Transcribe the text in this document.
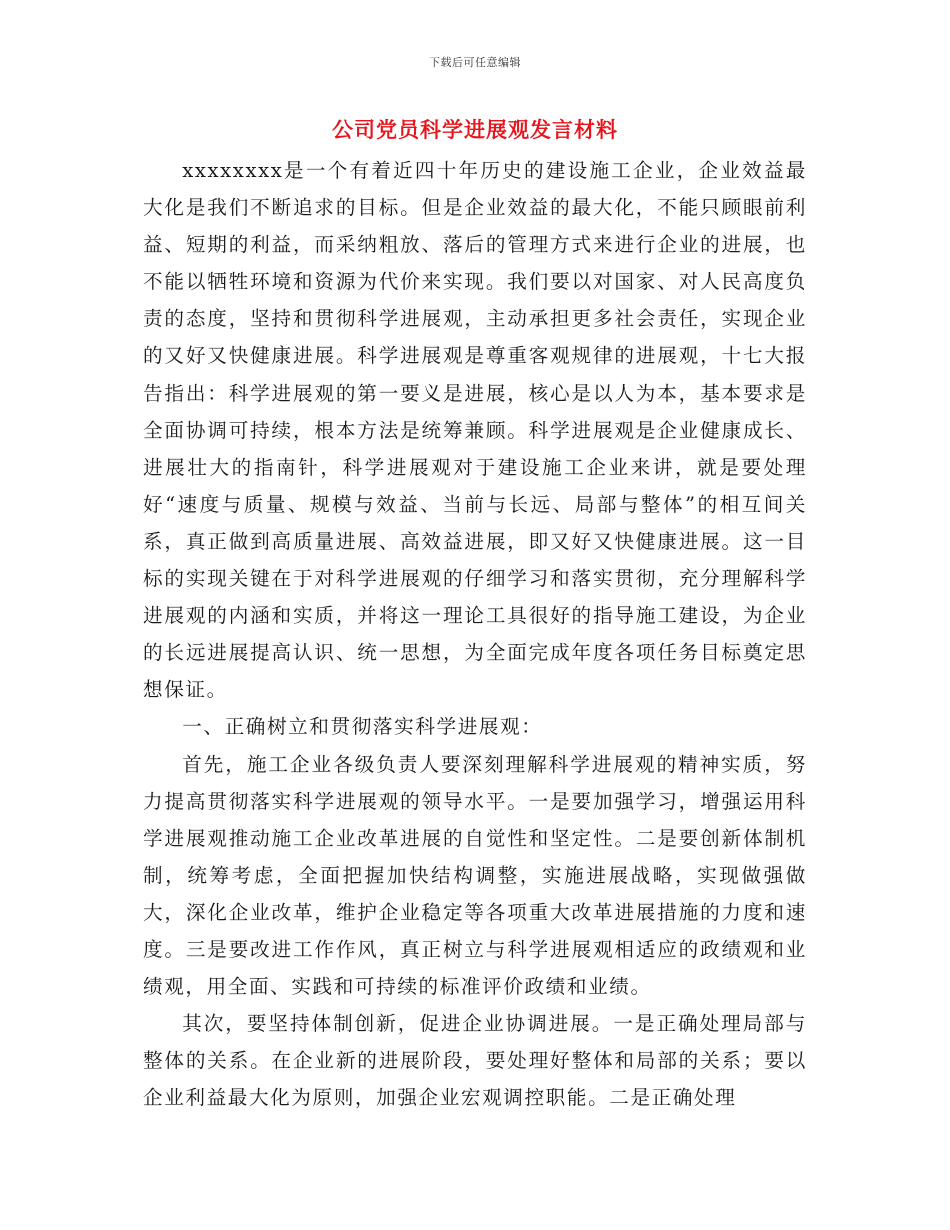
下载后可任意编辑
公司党员科学进展观发言材料

xxxxxxxx是一个有着近四十年历史的建设施工企业，企业效益最大化是我们不断追求的目标。但是企业效益的最大化，不能只顾眼前利益、短期的利益，而采纳粗放、落后的管理方式来进行企业的进展，也不能以牺牲环境和资源为代价来实现。我们要以对国家、对人民高度负责的态度，坚持和贯彻科学进展观，主动承担更多社会责任，实现企业的又好又快健康进展。科学进展观是尊重客观规律的进展观，十七大报告指出：科学进展观的第一要义是进展，核心是以人为本，基本要求是全面协调可持续，根本方法是统筹兼顾。科学进展观是企业健康成长、进展壮大的指南针，科学进展观对于建设施工企业来讲，就是要处理好“速度与质量、规模与效益、当前与长远、局部与整体”的相互间关系，真正做到高质量进展、高效益进展，即又好又快健康进展。这一目标的实现关键在于对科学进展观的仔细学习和落实贯彻，充分理解科学进展观的内涵和实质，并将这一理论工具很好的指导施工建设，为企业的长远进展提高认识、统一思想，为全面完成年度各项任务目标奠定思想保证。

一、正确树立和贯彻落实科学进展观：

首先，施工企业各级负责人要深刻理解科学进展观的精神实质，努力提高贯彻落实科学进展观的领导水平。一是要加强学习，增强运用科学进展观推动施工企业改革进展的自觉性和坚定性。二是要创新体制机制，统筹考虑，全面把握加快结构调整，实施进展战略，实现做强做大，深化企业改革，维护企业稳定等各项重大改革进展措施的力度和速度。三是要改进工作作风，真正树立与科学进展观相适应的政绩观和业绩观，用全面、实践和可持续的标准评价政绩和业绩。

其次，要坚持体制创新，促进企业协调进展。一是正确处理局部与整体的关系。在企业新的进展阶段，要处理好整体和局部的关系；要以企业利益最大化为原则，加强企业宏观调控职能。二是正确处理
